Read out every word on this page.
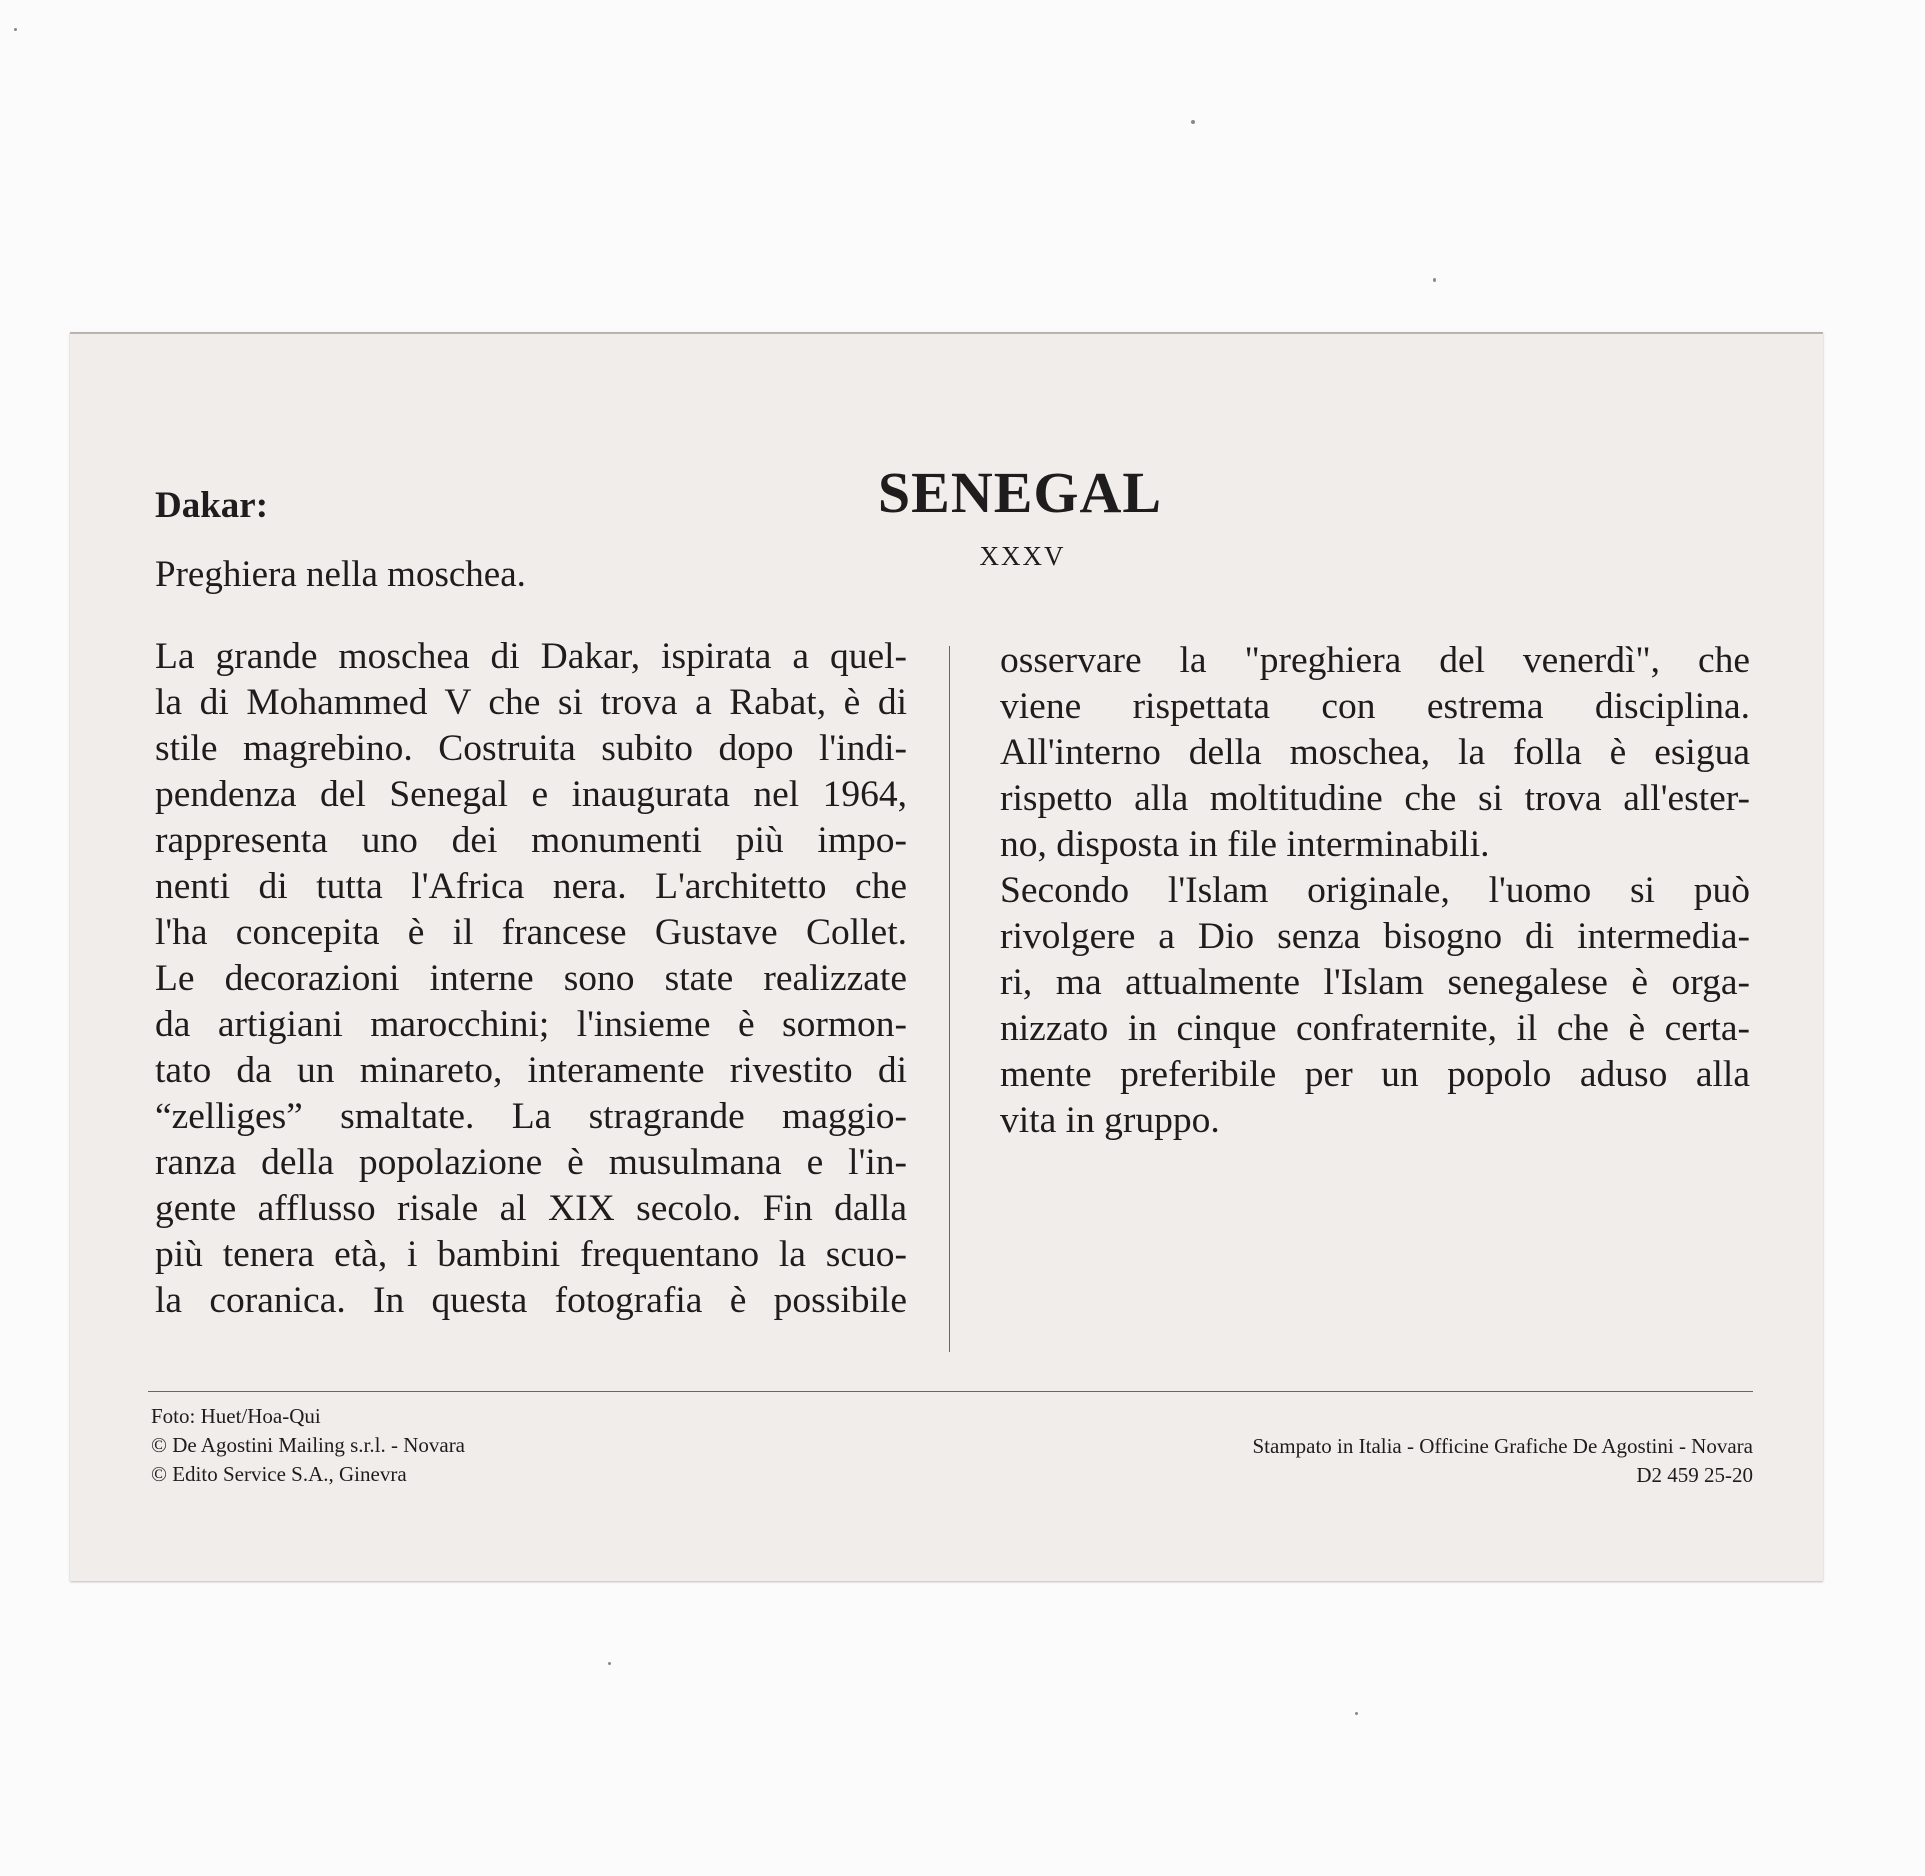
SENEGAL
XXXV
Dakar:
Preghiera nella moschea.
La grande moschea di Dakar, ispirata a quel-
la di Mohammed V che si trova a Rabat, è di
stile magrebino. Costruita subito dopo l'indi-
pendenza del Senegal e inaugurata nel 1964,
rappresenta uno dei monumenti più impo-
nenti di tutta l'Africa nera. L'architetto che
l'ha concepita è il francese Gustave Collet.
Le decorazioni interne sono state realizzate
da artigiani marocchini; l'insieme è sormon-
tato da un minareto, interamente rivestito di
“zelliges” smaltate. La stragrande maggio-
ranza della popolazione è musulmana e l'in-
gente afflusso risale al XIX secolo. Fin dalla
più tenera età, i bambini frequentano la scuo-
la coranica. In questa fotografia è possibile
osservare la "preghiera del venerdì", che
viene rispettata con estrema disciplina.
All'interno della moschea, la folla è esigua
rispetto alla moltitudine che si trova all'ester-
no, disposta in file interminabili.
Secondo l'Islam originale, l'uomo si può
rivolgere a Dio senza bisogno di intermedia-
ri, ma attualmente l'Islam senegalese è orga-
nizzato in cinque confraternite, il che è certa-
mente preferibile per un popolo aduso alla
vita in gruppo.
Foto: Huet/Hoa-Qui
© De Agostini Mailing s.r.l. - Novara
© Edito Service S.A., Ginevra
Stampato in Italia - Officine Grafiche De Agostini - Novara
D2 459 25-20
